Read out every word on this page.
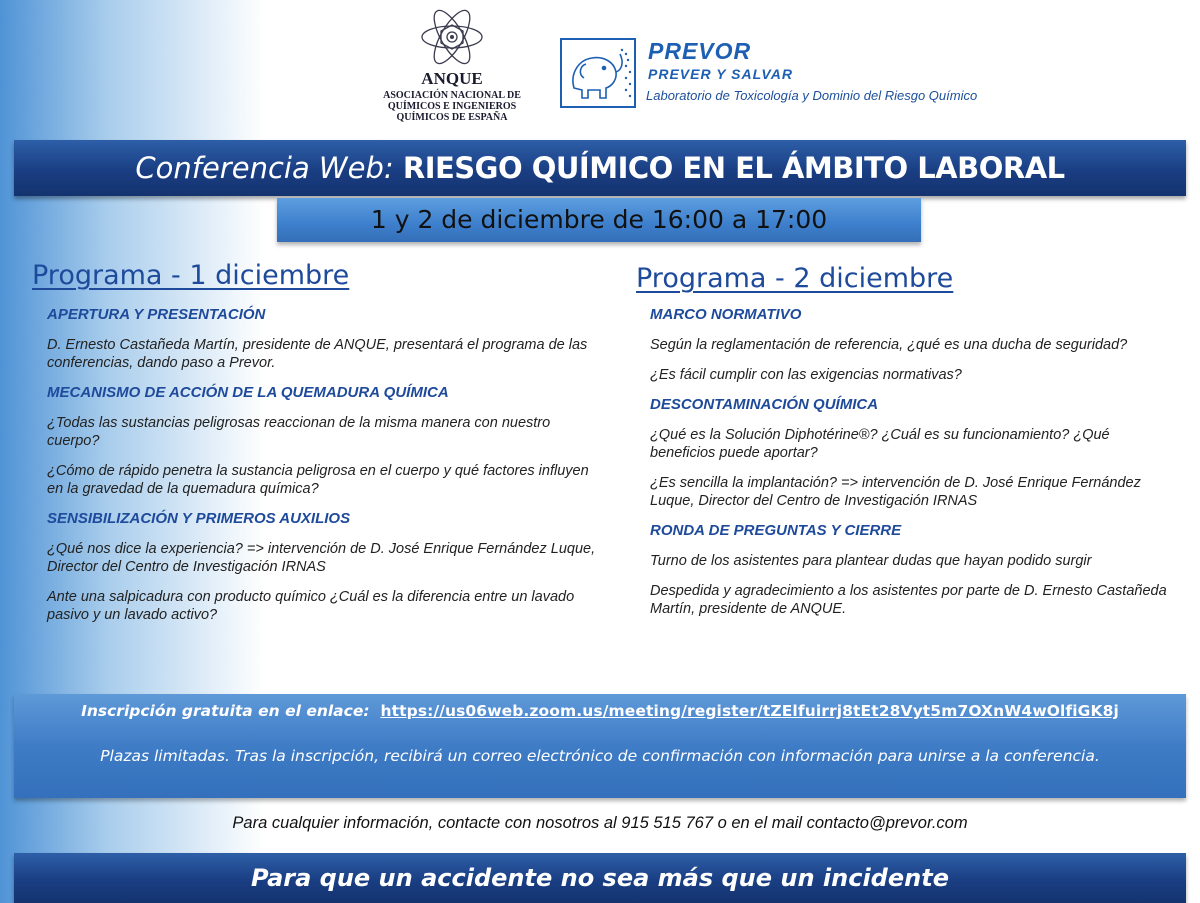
ANQUE
ASOCIACIÓN NACIONAL DE QUÍMICOS E INGENIEROS QUÍMICOS DE ESPAÑA
PREVOR
PREVER Y SALVAR
Laboratorio de Toxicología y Dominio del Riesgo Químico
Conferencia Web: RIESGO QUÍMICO EN EL ÁMBITO LABORAL
1 y 2 de diciembre de 16:00 a 17:00
Programa - 1 diciembre	Programa - 2 diciembre

APERTURA Y PRESENTACIÓN

D. Ernesto Castañeda Martín, presidente de ANQUE, presentará el programa de las conferencias, dando paso a Prevor.

MECANISMO DE ACCIÓN DE LA QUEMADURA QUÍMICA

¿Todas las sustancias peligrosas reaccionan de la misma manera con nuestro cuerpo?

¿Cómo de rápido penetra la sustancia peligrosa en el cuerpo y qué factores influyen en la gravedad de la quemadura química?

SENSIBILIZACIÓN Y PRIMEROS AUXILIOS

¿Qué nos dice la experiencia? => intervención de D. José Enrique Fernández Luque, Director del Centro de Investigación IRNAS

Ante una salpicadura con producto químico ¿Cuál es la diferencia entre un lavado pasivo y un lavado activo?

MARCO NORMATIVO

Según la reglamentación de referencia, ¿qué es una ducha de seguridad?

¿Es fácil cumplir con las exigencias normativas?

DESCONTAMINACIÓN QUÍMICA

¿Qué es la Solución Diphotérine®? ¿Cuál es su funcionamiento? ¿Qué beneficios puede aportar?

¿Es sencilla la implantación? => intervención de D. José Enrique Fernández Luque, Director del Centro de Investigación IRNAS

RONDA DE PREGUNTAS Y CIERRE

Turno de los asistentes para plantear dudas que hayan podido surgir

Despedida y agradecimiento a los asistentes por parte de D. Ernesto Castañeda Martín, presidente de ANQUE.

Inscripción gratuita en el enlace: https://us06web.zoom.us/meeting/register/tZElfuirrj8tEt28Vyt5m7OXnW4wOlfiGK8j
Plazas limitadas. Tras la inscripción, recibirá un correo electrónico de confirmación con información para unirse a la conferencia.
Para cualquier información, contacte con nosotros al 915 515 767 o en el mail contacto@prevor.com
Para que un accidente no sea más que un incidente
